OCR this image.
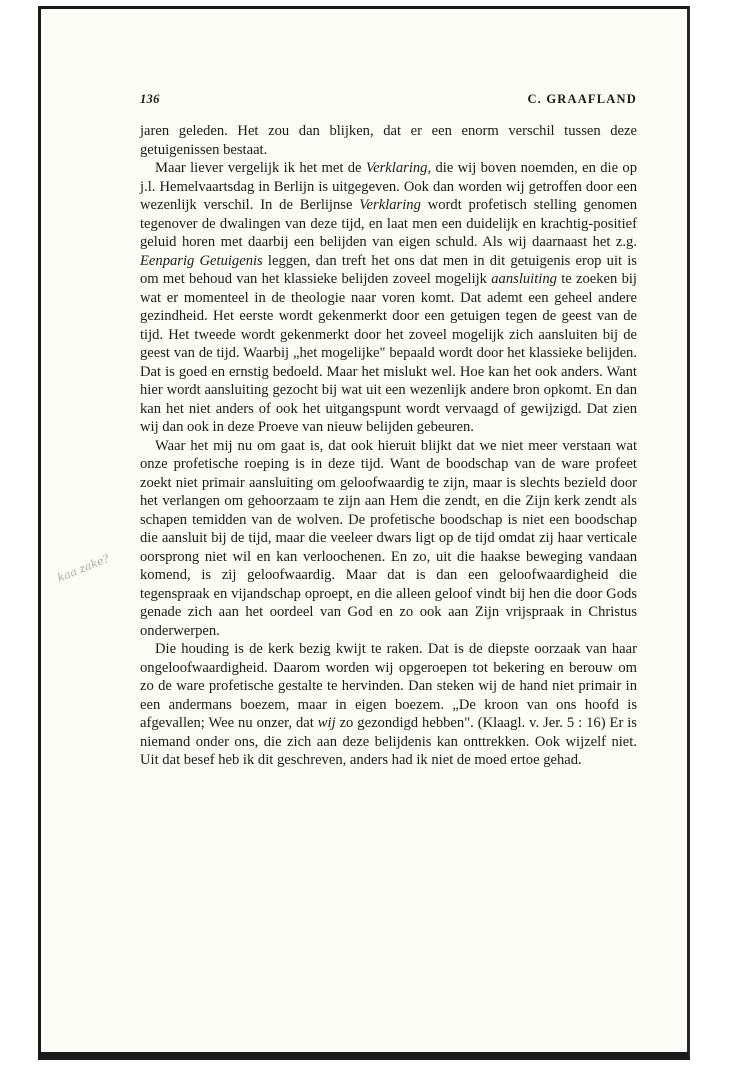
136	C. GRAAFLAND
kaa zake?

jaren geleden. Het zou dan blijken, dat er een enorm verschil tussen deze getuigenissen bestaat.

Maar liever vergelijk ik het met de Verklaring, die wij boven noemden, en die op j.l. Hemelvaartsdag in Berlijn is uitgegeven. Ook dan worden wij getroffen door een wezenlijk verschil. In de Berlijnse Verklaring wordt profetisch stelling genomen tegenover de dwalingen van deze tijd, en laat men een duidelijk en krachtig-positief geluid horen met daarbij een belijden van eigen schuld. Als wij daarnaast het z.g. Eenparig Getuigenis leggen, dan treft het ons dat men in dit getuigenis erop uit is om met behoud van het klassieke belijden zoveel mogelijk aansluiting te zoeken bij wat er momenteel in de theologie naar voren komt. Dat ademt een geheel andere gezindheid. Het eerste wordt gekenmerkt door een getuigen tegen de geest van de tijd. Het tweede wordt gekenmerkt door het zoveel mogelijk zich aansluiten bij de geest van de tijd. Waarbij „het mogelijke" bepaald wordt door het klassieke belijden. Dat is goed en ernstig bedoeld. Maar het mislukt wel. Hoe kan het ook anders. Want hier wordt aansluiting gezocht bij wat uit een wezenlijk andere bron opkomt. En dan kan het niet anders of ook het uitgangspunt wordt vervaagd of gewijzigd. Dat zien wij dan ook in deze Proeve van nieuw belijden gebeuren.

Waar het mij nu om gaat is, dat ook hieruit blijkt dat we niet meer verstaan wat onze profetische roeping is in deze tijd. Want de boodschap van de ware profeet zoekt niet primair aansluiting om geloofwaardig te zijn, maar is slechts bezield door het verlangen om gehoorzaam te zijn aan Hem die zendt, en die Zijn kerk zendt als schapen temidden van de wolven. De profetische boodschap is niet een boodschap die aansluit bij de tijd, maar die veeleer dwars ligt op de tijd omdat zij haar verticale oorsprong niet wil en kan verloochenen. En zo, uit die haakse beweging vandaan komend, is zij geloofwaardig. Maar dat is dan een geloofwaardigheid die tegenspraak en vijandschap oproept, en die alleen geloof vindt bij hen die door Gods genade zich aan het oordeel van God en zo ook aan Zijn vrijspraak in Christus onderwerpen.

Die houding is de kerk bezig kwijt te raken. Dat is de diepste oorzaak van haar ongeloofwaardigheid. Daarom worden wij opgeroepen tot bekering en berouw om zo de ware profetische gestalte te hervinden. Dan steken wij de hand niet primair in een andermans boezem, maar in eigen boezem. „De kroon van ons hoofd is afgevallen; Wee nu onzer, dat wij zo gezondigd hebben". (Klaagl. v. Jer. 5 : 16) Er is niemand onder ons, die zich aan deze belijdenis kan onttrekken. Ook wijzelf niet. Uit dat besef heb ik dit geschreven, anders had ik niet de moed ertoe gehad.
